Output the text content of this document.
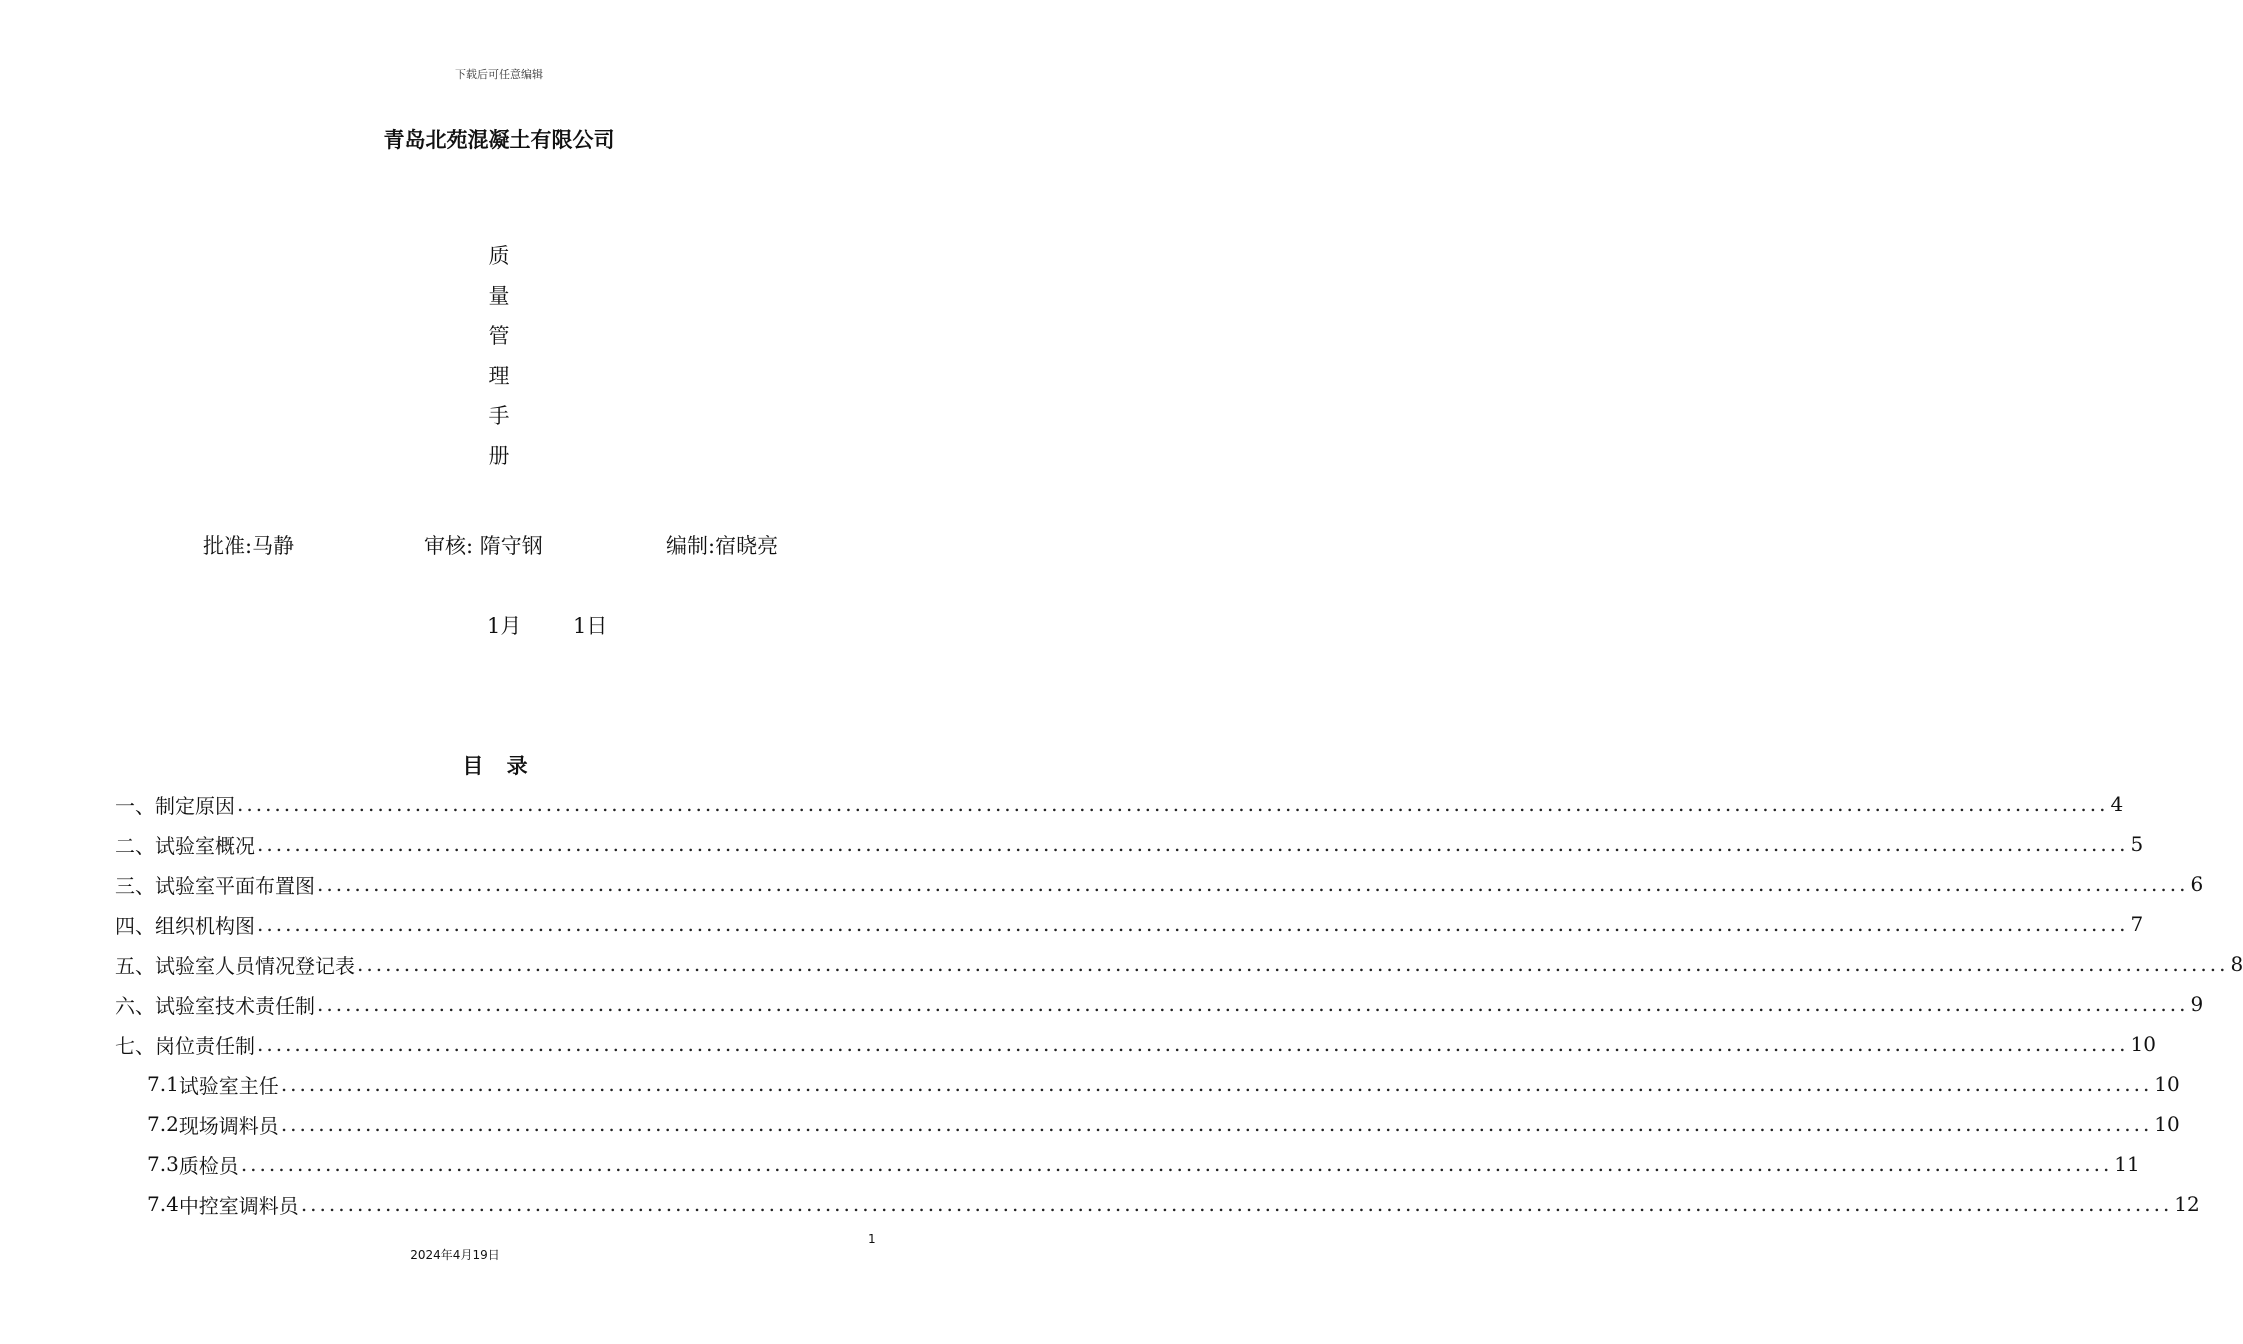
下载后可任意编辑
青岛北苑混凝土有限公司
质
量
管
理
手
册
批准:马静	审核: 隋守钢	编制:宿晓亮
1月 1日
目 录
一、制定原因 ........................................................................................................................................................................................................ 4
二、试验室概况 ........................................................................................................................................................................................................ 5
三、试验室平面布置图 ........................................................................................................................................................................................................ 6
四、组织机构图 ........................................................................................................................................................................................................ 7
五、试验室人员情况登记表 ........................................................................................................................................................................................................ 8
六、试验室技术责任制 ........................................................................................................................................................................................................ 9
七、岗位责任制 ........................................................................................................................................................................................................ 10
7.1 试验室主任 ........................................................................................................................................................................................................ 10
7.2 现场调料员 ........................................................................................................................................................................................................ 10
7.3 质检员 ........................................................................................................................................................................................................ 11
7.4 中控室调料员 ........................................................................................................................................................................................................ 12
1
2024年4月19日
